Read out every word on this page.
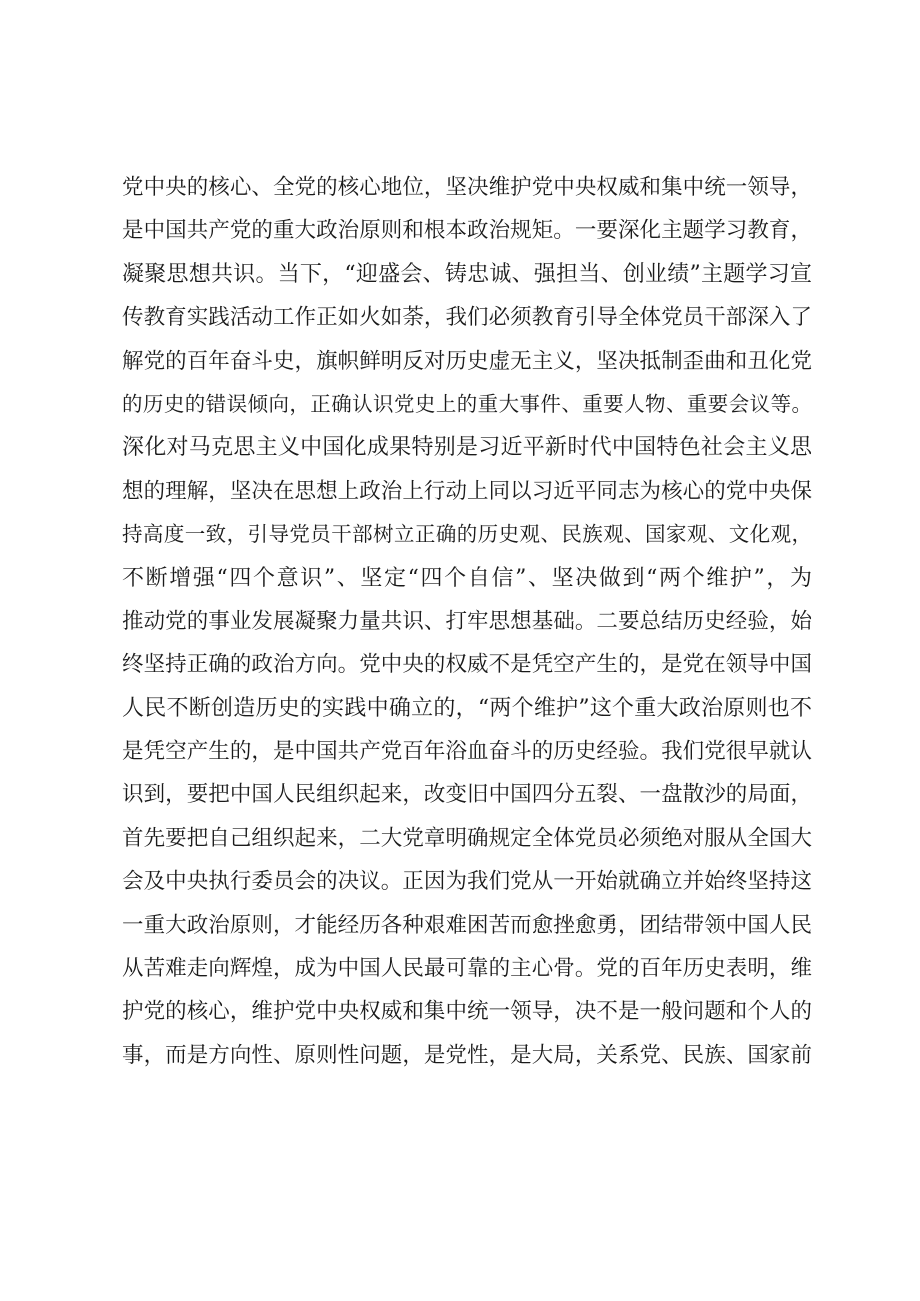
党中央的核心、全党的核心地位，坚决维护党中央权威和集中统一领导，
是中国共产党的重大政治原则和根本政治规矩。一要深化主题学习教育，
凝聚思想共识。当下，“迎盛会、铸忠诚、强担当、创业绩”主题学习宣
传教育实践活动工作正如火如荼，我们必须教育引导全体党员干部深入了
解党的百年奋斗史，旗帜鲜明反对历史虚无主义，坚决抵制歪曲和丑化党
的历史的错误倾向，正确认识党史上的重大事件、重要人物、重要会议等。
深化对马克思主义中国化成果特别是习近平新时代中国特色社会主义思
想的理解，坚决在思想上政治上行动上同以习近平同志为核心的党中央保
持高度一致，引导党员干部树立正确的历史观、民族观、国家观、文化观，
不断增强“四个意识”、坚定“四个自信”、坚决做到“两个维护”，为
推动党的事业发展凝聚力量共识、打牢思想基础。二要总结历史经验，始
终坚持正确的政治方向。党中央的权威不是凭空产生的，是党在领导中国
人民不断创造历史的实践中确立的，“两个维护”这个重大政治原则也不
是凭空产生的，是中国共产党百年浴血奋斗的历史经验。我们党很早就认
识到，要把中国人民组织起来，改变旧中国四分五裂、一盘散沙的局面，
首先要把自己组织起来，二大党章明确规定全体党员必须绝对服从全国大
会及中央执行委员会的决议。正因为我们党从一开始就确立并始终坚持这
一重大政治原则，才能经历各种艰难困苦而愈挫愈勇，团结带领中国人民
从苦难走向辉煌，成为中国人民最可靠的主心骨。党的百年历史表明，维
护党的核心，维护党中央权威和集中统一领导，决不是一般问题和个人的
事，而是方向性、原则性问题，是党性，是大局，关系党、民族、国家前
